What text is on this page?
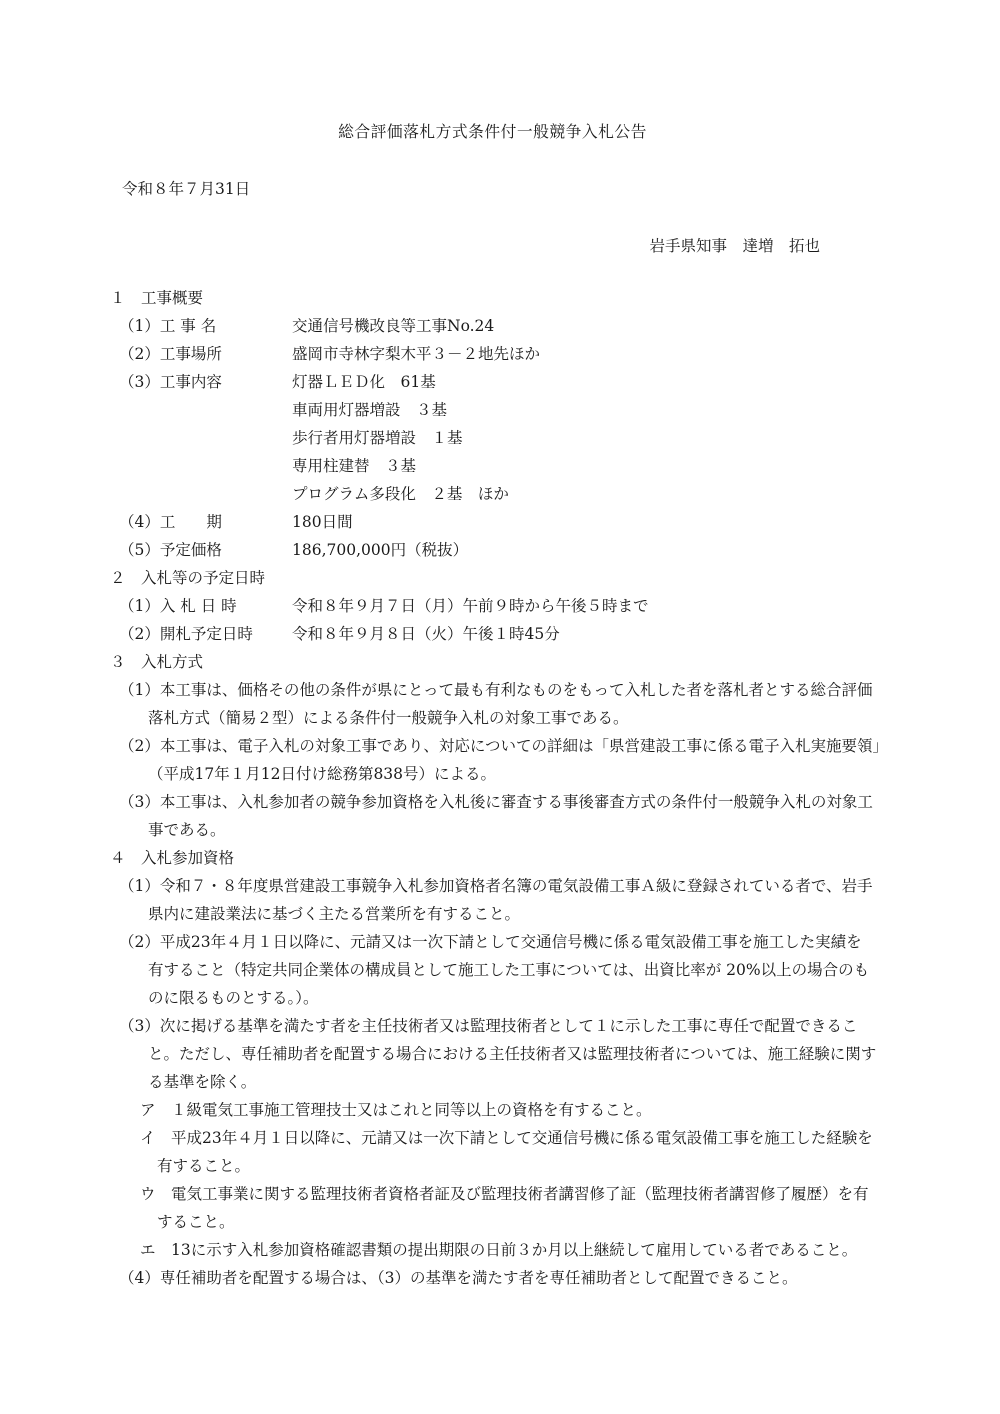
総合評価落札方式条件付一般競争入札公告
令和８年７月31日
岩手県知事　達増　拓也
１　工事概要
（1）工 事 名	交通信号機改良等工事No.24
（2）工事場所	盛岡市寺林字梨木平３－２地先ほか
（3）工事内容	灯器ＬＥＤ化　61基
車両用灯器増設　３基
歩行者用灯器増設　１基
専用柱建替　３基
プログラム多段化　２基　ほか
（4）工　　期	180日間
（5）予定価格	186,700,000円（税抜）
２　入札等の予定日時
（1）入 札 日 時	令和８年９月７日（月）午前９時から午後５時まで
（2）開札予定日時	令和８年９月８日（火）午後１時45分
３　入札方式
（1）本工事は、価格その他の条件が県にとって最も有利なものをもって入札した者を落札者とする総合評価
落札方式（簡易２型）による条件付一般競争入札の対象工事である。
（2）本工事は、電子入札の対象工事であり、対応についての詳細は「県営建設工事に係る電子入札実施要領」
（平成17年１月12日付け総務第838号）による。
（3）本工事は、入札参加者の競争参加資格を入札後に審査する事後審査方式の条件付一般競争入札の対象工
事である。
４　入札参加資格
（1）令和７・８年度県営建設工事競争入札参加資格者名簿の電気設備工事Ａ級に登録されている者で、岩手
県内に建設業法に基づく主たる営業所を有すること。
（2）平成23年４月１日以降に、元請又は一次下請として交通信号機に係る電気設備工事を施工した実績を
有すること（特定共同企業体の構成員として施工した工事については、出資比率が 20%以上の場合のも
のに限るものとする。）。
（3）次に掲げる基準を満たす者を主任技術者又は監理技術者として１に示した工事に専任で配置できるこ
と。ただし、専任補助者を配置する場合における主任技術者又は監理技術者については、施工経験に関す
る基準を除く。
ア　１級電気工事施工管理技士又はこれと同等以上の資格を有すること。
イ　平成23年４月１日以降に、元請又は一次下請として交通信号機に係る電気設備工事を施工した経験を
有すること。
ウ　電気工事業に関する監理技術者資格者証及び監理技術者講習修了証（監理技術者講習修了履歴）を有
すること。
エ　13に示す入札参加資格確認書類の提出期限の日前３か月以上継続して雇用している者であること。
（4）専任補助者を配置する場合は、（3）の基準を満たす者を専任補助者として配置できること。
